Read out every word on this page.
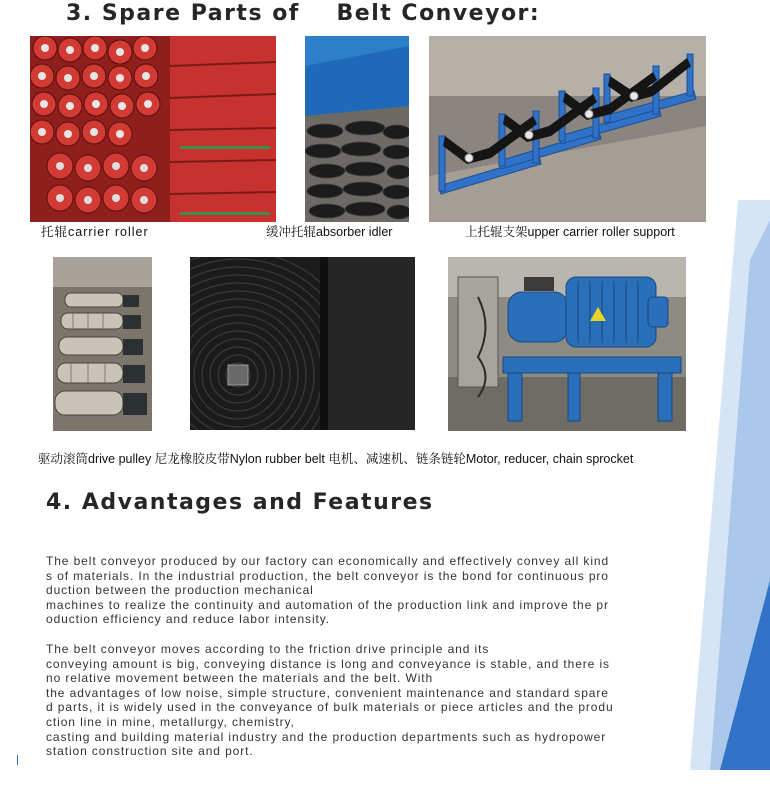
3. Spare Parts of    Belt Conveyor:
托辊carrier roller	缓冲托辊absorber idler	上托辊支架upper carrier roller support
驱动滚筒drive pulley 尼龙橡胶皮带Nylon rubber belt 电机、减速机、链条链轮Motor, reducer, chain sprocket
4. Advantages and Features
The belt conveyor produced by our factory can economically and effectively convey all kind
s of materials. In the industrial production, the belt conveyor is the bond for continuous pro
duction between the production mechanical
machines to realize the continuity and automation of the production link and improve the pr
oduction efficiency and reduce labor intensity.
The belt conveyor moves according to the friction drive principle and its
conveying amount is big, conveying distance is long and conveyance is stable, and there is
no relative movement between the materials and the belt. With
the advantages of low noise, simple structure, convenient maintenance and standard spare
d parts, it is widely used in the conveyance of bulk materials or piece articles and the produ
ction line in mine, metallurgy, chemistry,
casting and building material industry and the production departments such as hydropower
station construction site and port.
